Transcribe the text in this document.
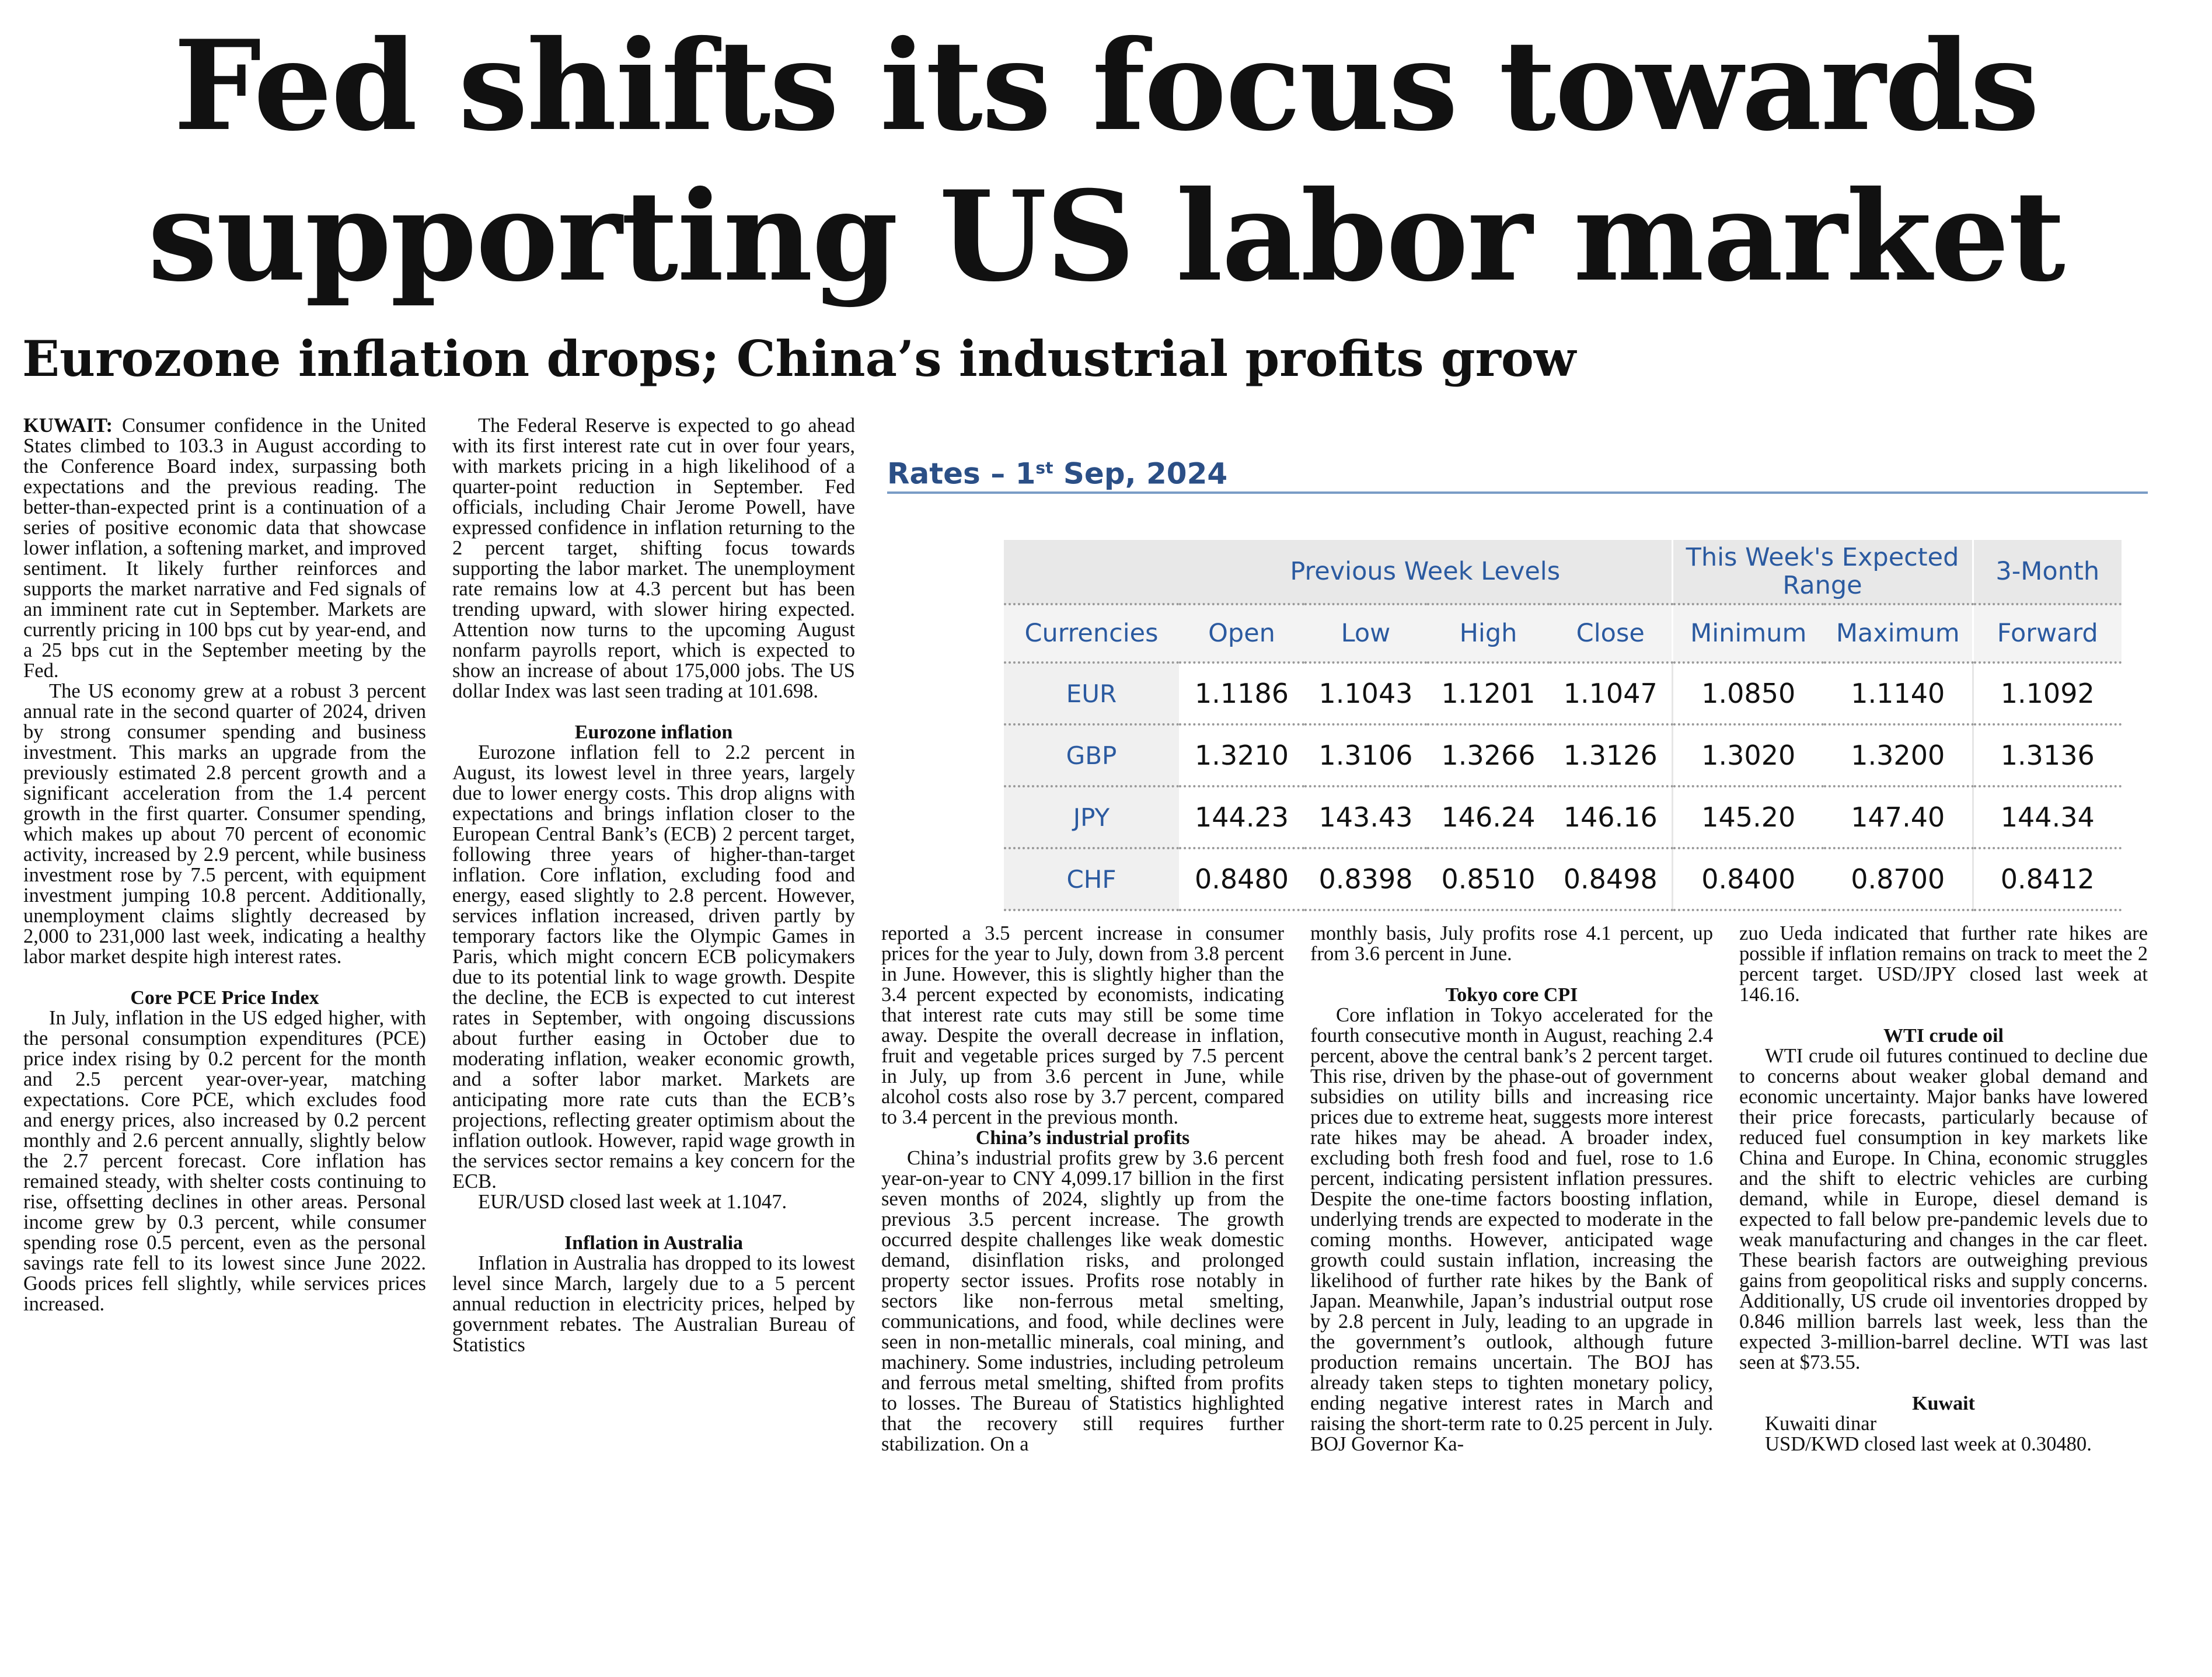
Fed shifts its focus towards
supporting US labor market
Eurozone inflation drops; China’s industrial profits grow

KUWAIT: Consumer confidence in the United States climbed to 103.3 in August according to the Conference Board index, surpassing both expectations and the previous reading. The better-than-expected print is a continuation of a series of positive economic data that showcase lower inflation, a softening market, and improved sentiment. It likely further reinforces and supports the market narrative and Fed signals of an imminent rate cut in September. Markets are currently pricing in 100 bps cut by year-end, and a 25 bps cut in the September meeting by the Fed.

The US economy grew at a robust 3 percent annual rate in the second quarter of 2024, driven by strong consumer spending and business investment. This marks an upgrade from the previously estimated 2.8 percent growth and a significant acceleration from the 1.4 percent growth in the first quarter. Consumer spending, which makes up about 70 percent of economic activity, increased by 2.9 percent, while business investment rose by 7.5 percent, with equipment investment jumping 10.8 percent. Additionally, unemployment claims slightly decreased by 2,000 to 231,000 last week, indicating a healthy labor market despite high interest rates.

Core PCE Price Index

In July, inflation in the US edged higher, with the personal consumption expenditures (PCE) price index rising by 0.2 percent for the month and 2.5 percent year-over-year, matching expectations. Core PCE, which excludes food and energy prices, also increased by 0.2 percent monthly and 2.6 percent annually, slightly below the 2.7 percent forecast. Core inflation has remained steady, with shelter costs continuing to rise, offsetting declines in other areas. Personal income grew by 0.3 percent, while consumer spending rose 0.5 percent, even as the personal savings rate fell to its lowest since June 2022. Goods prices fell slightly, while services prices increased.

The Federal Reserve is expected to go ahead with its first interest rate cut in over four years, with markets pricing in a high likelihood of a quarter-point reduction in September. Fed officials, including Chair Jerome Powell, have expressed confidence in inflation returning to the 2 percent target, shifting focus towards supporting the labor market. The unemployment rate remains low at 4.3 percent but has been trending upward, with slower hiring expected. Attention now turns to the upcoming August nonfarm payrolls report, which is expected to show an increase of about 175,000 jobs. The US dollar Index was last seen trading at 101.698.

Eurozone inflation

Eurozone inflation fell to 2.2 percent in August, its lowest level in three years, largely due to lower energy costs. This drop aligns with expectations and brings inflation closer to the European Central Bank’s (ECB) 2 percent target, following three years of higher-than-target inflation. Core inflation, excluding food and energy, eased slightly to 2.8 percent. However, services inflation increased, driven partly by temporary factors like the Olympic Games in Paris, which might concern ECB policymakers due to its potential link to wage growth. Despite the decline, the ECB is expected to cut interest rates in September, with ongoing discussions about further easing in October due to moderating inflation, weaker economic growth, and a softer labor market. Markets are anticipating more rate cuts than the ECB’s projections, reflecting greater optimism about the inflation outlook. However, rapid wage growth in the services sector remains a key concern for the ECB.

EUR/USD closed last week at 1.1047.

Inflation in Australia

Inflation in Australia has dropped to its lowest level since March, largely due to a 5 percent annual reduction in electricity prices, helped by government rebates. The Australian Bureau of Statistics

Rates – 1st Sep, 2024
	Previous Week Levels				This Week's Expected Range		3-Month
Currencies	Open	Low	High	Close	Minimum	Maximum	Forward
EUR	1.1186	1.1043	1.1201	1.1047	1.0850	1.1140	1.1092
GBP	1.3210	1.3106	1.3266	1.3126	1.3020	1.3200	1.3136
JPY	144.23	143.43	146.24	146.16	145.20	147.40	144.34
CHF	0.8480	0.8398	0.8510	0.8498	0.8400	0.8700	0.8412

reported a 3.5 percent increase in consumer prices for the year to July, down from 3.8 percent in June. However, this is slightly higher than the 3.4 percent expected by economists, indicating that interest rate cuts may still be some time away. Despite the overall decrease in inflation, fruit and vegetable prices surged by 7.5 percent in July, up from 3.6 percent in June, while alcohol costs also rose by 3.7 percent, compared to 3.4 percent in the previous month.

China’s industrial profits

China’s industrial profits grew by 3.6 percent year-on-year to CNY 4,099.17 billion in the first seven months of 2024, slightly up from the previous 3.5 percent increase. The growth occurred despite challenges like weak domestic demand, disinflation risks, and prolonged property sector issues. Profits rose notably in sectors like non-ferrous metal smelting, communications, and food, while declines were seen in non-metallic minerals, coal mining, and machinery. Some industries, including petroleum and ferrous metal smelting, shifted from profits to losses. The Bureau of Statistics highlighted that the recovery still requires further stabilization. On a

monthly basis, July profits rose 4.1 percent, up from 3.6 percent in June.

Tokyo core CPI

Core inflation in Tokyo accelerated for the fourth consecutive month in August, reaching 2.4 percent, above the central bank’s 2 percent target. This rise, driven by the phase-out of government subsidies on utility bills and increasing rice prices due to extreme heat, suggests more interest rate hikes may be ahead. A broader index, excluding both fresh food and fuel, rose to 1.6 percent, indicating persistent inflation pressures. Despite the one-time factors boosting inflation, underlying trends are expected to moderate in the coming months. However, anticipated wage growth could sustain inflation, increasing the likelihood of further rate hikes by the Bank of Japan. Meanwhile, Japan’s industrial output rose by 2.8 percent in July, leading to an upgrade in the government’s outlook, although future production remains uncertain. The BOJ has already taken steps to tighten monetary policy, ending negative interest rates in March and raising the short-term rate to 0.25 percent in July. BOJ Governor Ka-

zuo Ueda indicated that further rate hikes are possible if inflation remains on track to meet the 2 percent target. USD/JPY closed last week at 146.16.

WTI crude oil

WTI crude oil futures continued to decline due to concerns about weaker global demand and economic uncertainty. Major banks have lowered their price forecasts, particularly because of reduced fuel consumption in key markets like China and Europe. In China, economic struggles and the shift to electric vehicles are curbing demand, while in Europe, diesel demand is expected to fall below pre-pandemic levels due to weak manufacturing and changes in the car fleet. These bearish factors are outweighing previous gains from geopolitical risks and supply concerns. Additionally, US crude oil inventories dropped by 0.846 million barrels last week, less than the expected 3-million-barrel decline. WTI was last seen at $73.55.

Kuwait

Kuwaiti dinar

USD/KWD closed last week at 0.30480.
